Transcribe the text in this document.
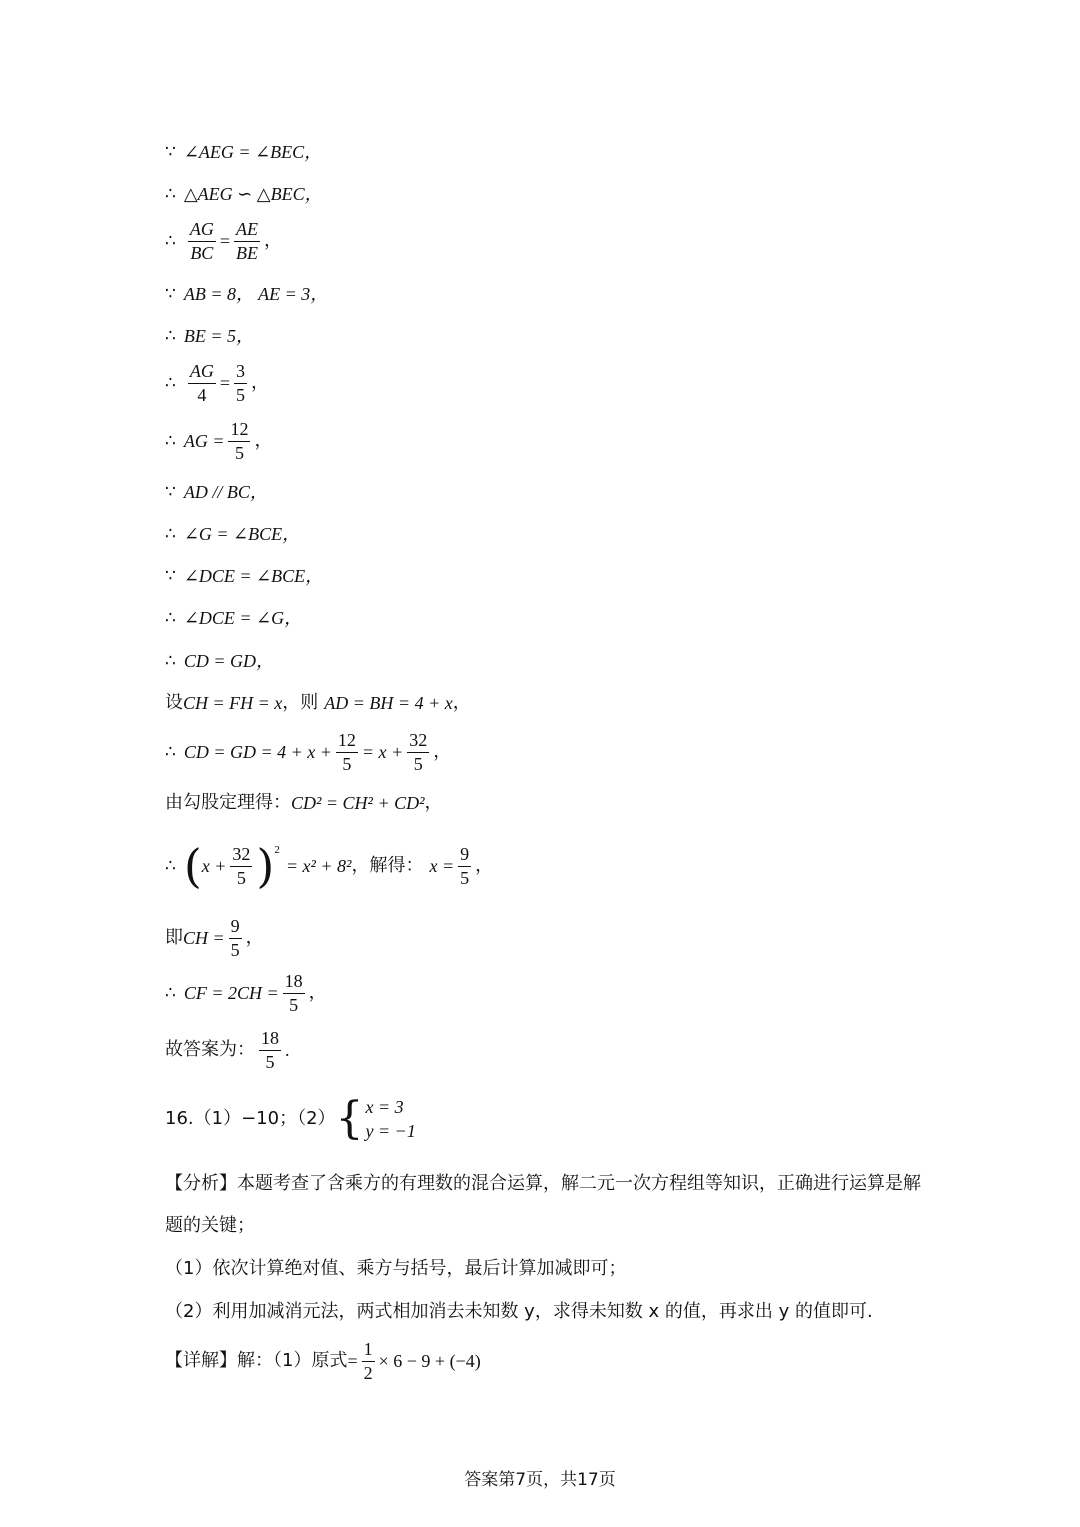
∵ ∠AEG = ∠BEC，
∴ △AEG ∽ △BEC，
∴ $\frac{AG}{BC} = \frac{AE}{BE}$ ，
∵ AB = 8， AE = 3，
∴ BE = 5，
∴ $\frac{AG}{4} = \frac{3}{5}$ ，
∴ AG = $\frac{12}{5}$ ，
∵ AD // BC，
∴ ∠G = ∠BCE，
∵ ∠DCE = ∠BCE，
∴ ∠DCE = ∠G，
∴ CD = GD，
设 CH = FH = x ，则 AD = BH = 4 + x ，
∴ CD = GD = $4 + x + \frac{12}{5} = x + \frac{32}{5}$ ，
由勾股定理得： CD² = CH² + CD² ，
∴ ( $x + \frac{32}{5}$ ) 2
= x² + 8² ，解得： $x = \frac{9}{5}$ ，
即 CH = $\frac{9}{5}$ ，
∴ CF = $2CH = \frac{18}{5}$ ，
故答案为： $\frac{18}{5}$ .
16.（1）−10；（2） { x = 3
y = −1
【分析】本题考查了含乘方的有理数的混合运算，解二元一次方程组等知识，正确进行运算是解题的关键；
（1）依次计算绝对值、乘方与括号，最后计算加减即可；
（2）利用加减消元法，两式相加消去未知数 y，求得未知数 x 的值，再求出 y 的值即可.
【详解】解：（1）原式 = $\frac{1}{2} \times 6 - 9 + (-4)$
答案第7页，共17页
